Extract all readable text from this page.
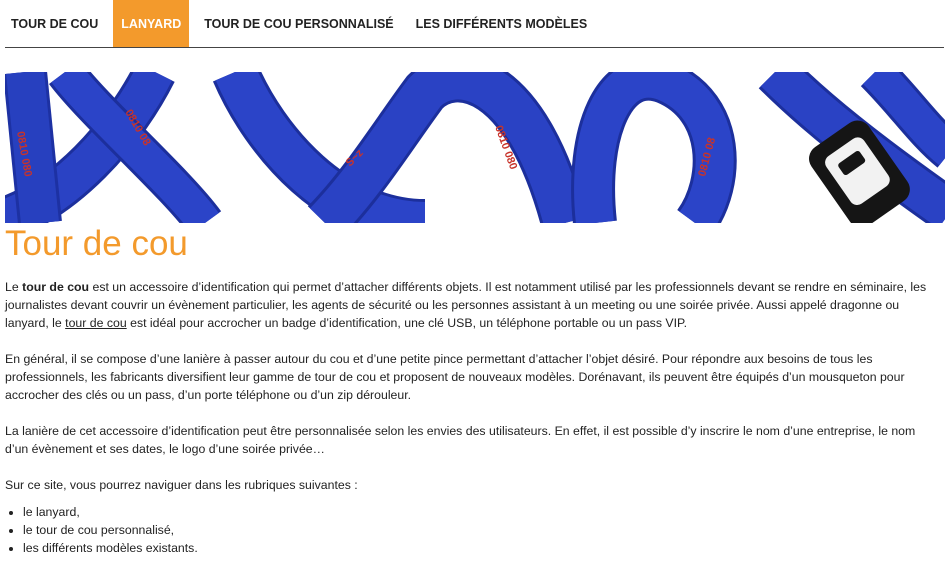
TOUR DE COU	LANYARD	TOUR DE COU PERSONNALISÉ	LES DIFFÉRENTS MODÈLES
0810 080
0810 08
S~z	0810 080	0810 08
Tour de cou

Le tour de cou est un accessoire d’identification qui permet d’attacher différents objets. Il est notamment utilisé par les professionnels devant se rendre en séminaire, les journalistes devant couvrir un évènement particulier, les agents de sécurité ou les personnes assistant à un meeting ou une soirée privée. Aussi appelé dragonne ou lanyard, le tour de cou est idéal pour accrocher un badge d’identification, une clé USB, un téléphone portable ou un pass VIP.

En général, il se compose d’une lanière à passer autour du cou et d’une petite pince permettant d’attacher l’objet désiré. Pour répondre aux besoins de tous les professionnels, les fabricants diversifient leur gamme de tour de cou et proposent de nouveaux modèles. Dorénavant, ils peuvent être équipés d’un mousqueton pour accrocher des clés ou un pass, d’un porte téléphone ou d’un zip dérouleur.

La lanière de cet accessoire d’identification peut être personnalisée selon les envies des utilisateurs. En effet, il est possible d’y inscrire le nom d’une entreprise, le nom d’un évènement et ses dates, le logo d’une soirée privée…

Sur ce site, vous pourrez naviguer dans les rubriques suivantes :

• le lanyard,
• le tour de cou personnalisé,
• les différents modèles existants.
